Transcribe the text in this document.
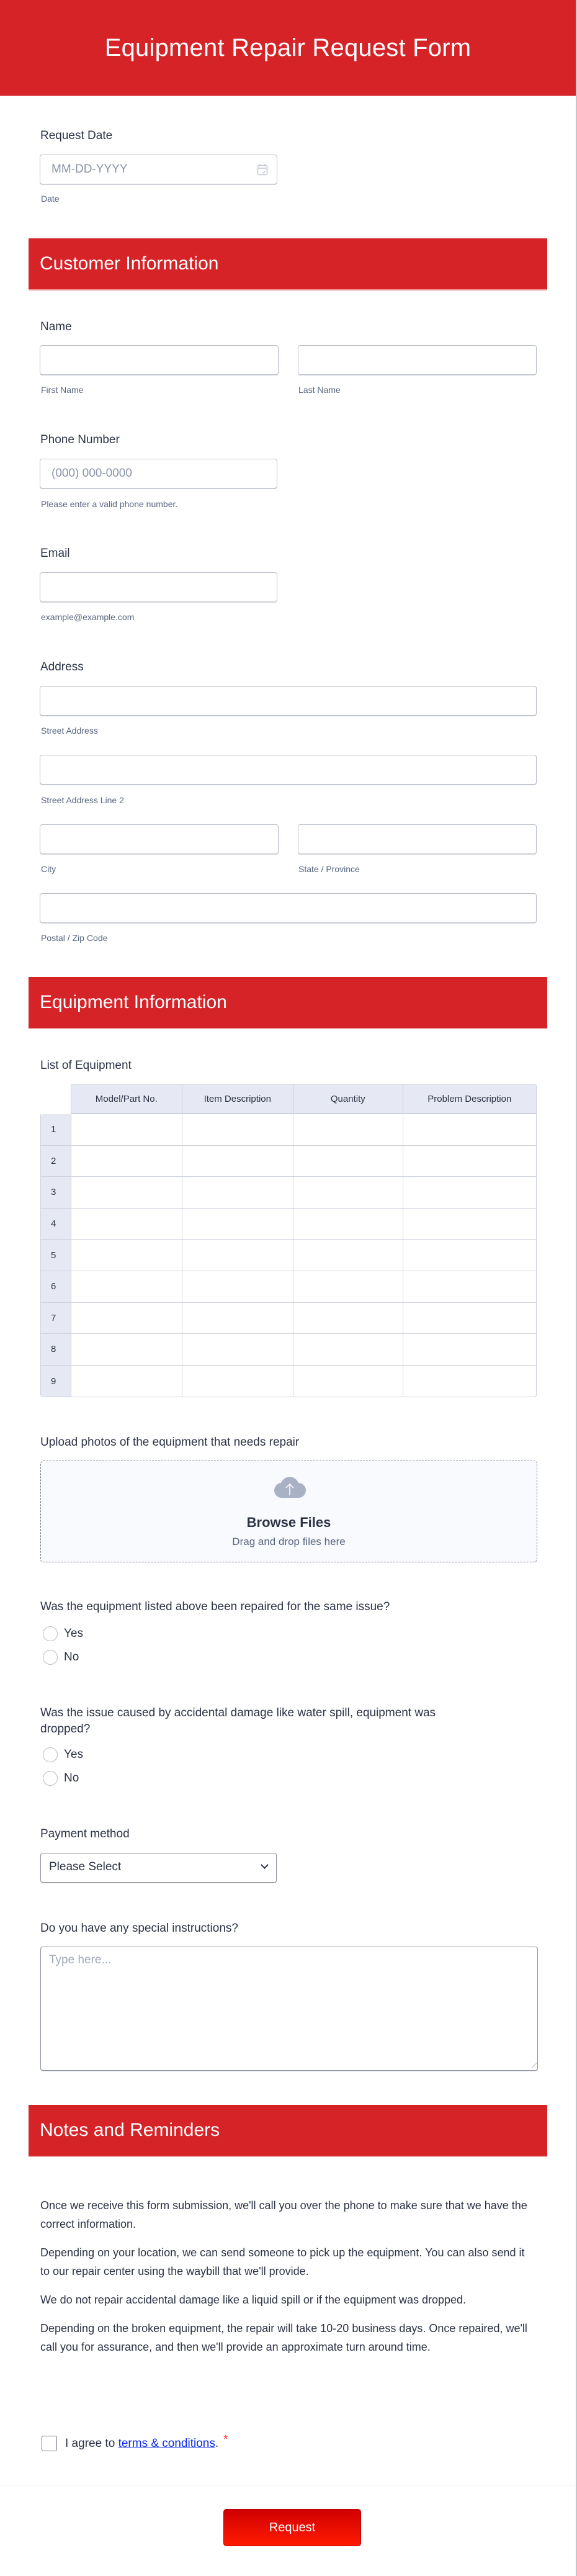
Equipment Repair Request Form
Request Date
MM-DD-YYYY
Date
Customer Information
Name
First Name	Last Name
Phone Number
(000) 000-0000
Please enter a valid phone number.
Email
example@example.com
Address
Street Address
Street Address Line 2
City	State / Province
Postal / Zip Code
Equipment Information
List of Equipment
Model/Part No.	Item Description	Quantity	Problem Description
1
2
3
4
5
6
7
8
9
Upload photos of the equipment that needs repair
Browse Files
Drag and drop files here
Was the equipment listed above been repaired for the same issue?
Yes
No
Was the issue caused by accidental damage like water spill, equipment was dropped?
Yes
No
Payment method
Please Select
Do you have any special instructions?
Type here...
Notes and Reminders

Once we receive this form submission, we'll call you over the phone to make sure that we have the correct information.

Depending on your location, we can send someone to pick up the equipment. You can also send it to our repair center using the waybill that we'll provide.

We do not repair accidental damage like a liquid spill or if the equipment was dropped.

Depending on the broken equipment, the repair will take 10-20 business days. Once repaired, we'll call you for assurance, and then we'll provide an approximate turn around time.

I agree to terms & conditions. *
Request
